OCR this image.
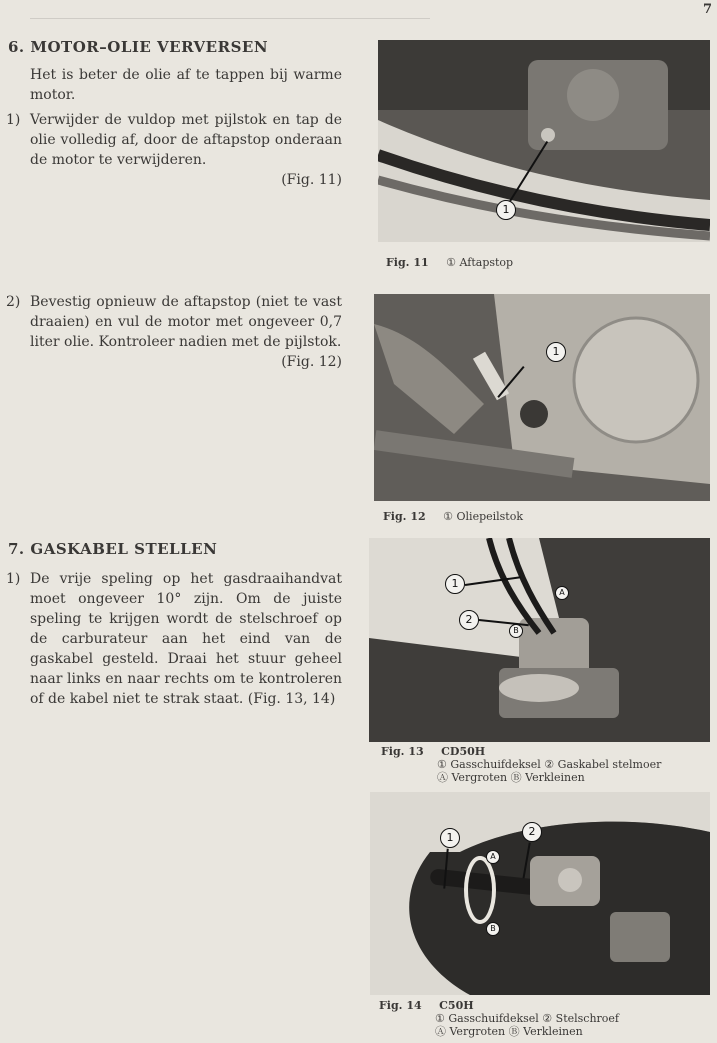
7
6. MOTOR–OLIE VERVERSEN

Het is beter de olie af te tappen bij warme motor.

1) Verwijder de vuldop met pijlstok en tap de olie volledig af, door de aftapstop onderaan de motor te verwijderen.
(Fig. 11)
2) Bevestig opnieuw de aftapstop (niet te vast draaien) en vul de motor met ongeveer 0,7 liter olie. Kontroleer nadien met de pijlstok.
(Fig. 12)
7. GASKABEL STELLEN
1) De vrije speling op het gasdraaihandvat moet ongeveer 10° zijn. Om de juiste speling te krijgen wordt de stelschroef op de carburateur aan het eind van de gaskabel gesteld. Draai het stuur geheel naar links en naar rechts om te kontroleren of de kabel niet te strak staat. (Fig. 13, 14)
1
Fig. 11 ① Aftapstop
1
Fig. 12 ① Oliepeilstok
1
2
A
B
Fig. 13 CD50H
① Gasschuifdeksel ② Gaskabel stelmoer
Ⓐ Vergroten Ⓑ Verkleinen
1	2
A
B
Fig. 14 C50H
① Gasschuifdeksel ② Stelschroef
Ⓐ Vergroten Ⓑ Verkleinen
